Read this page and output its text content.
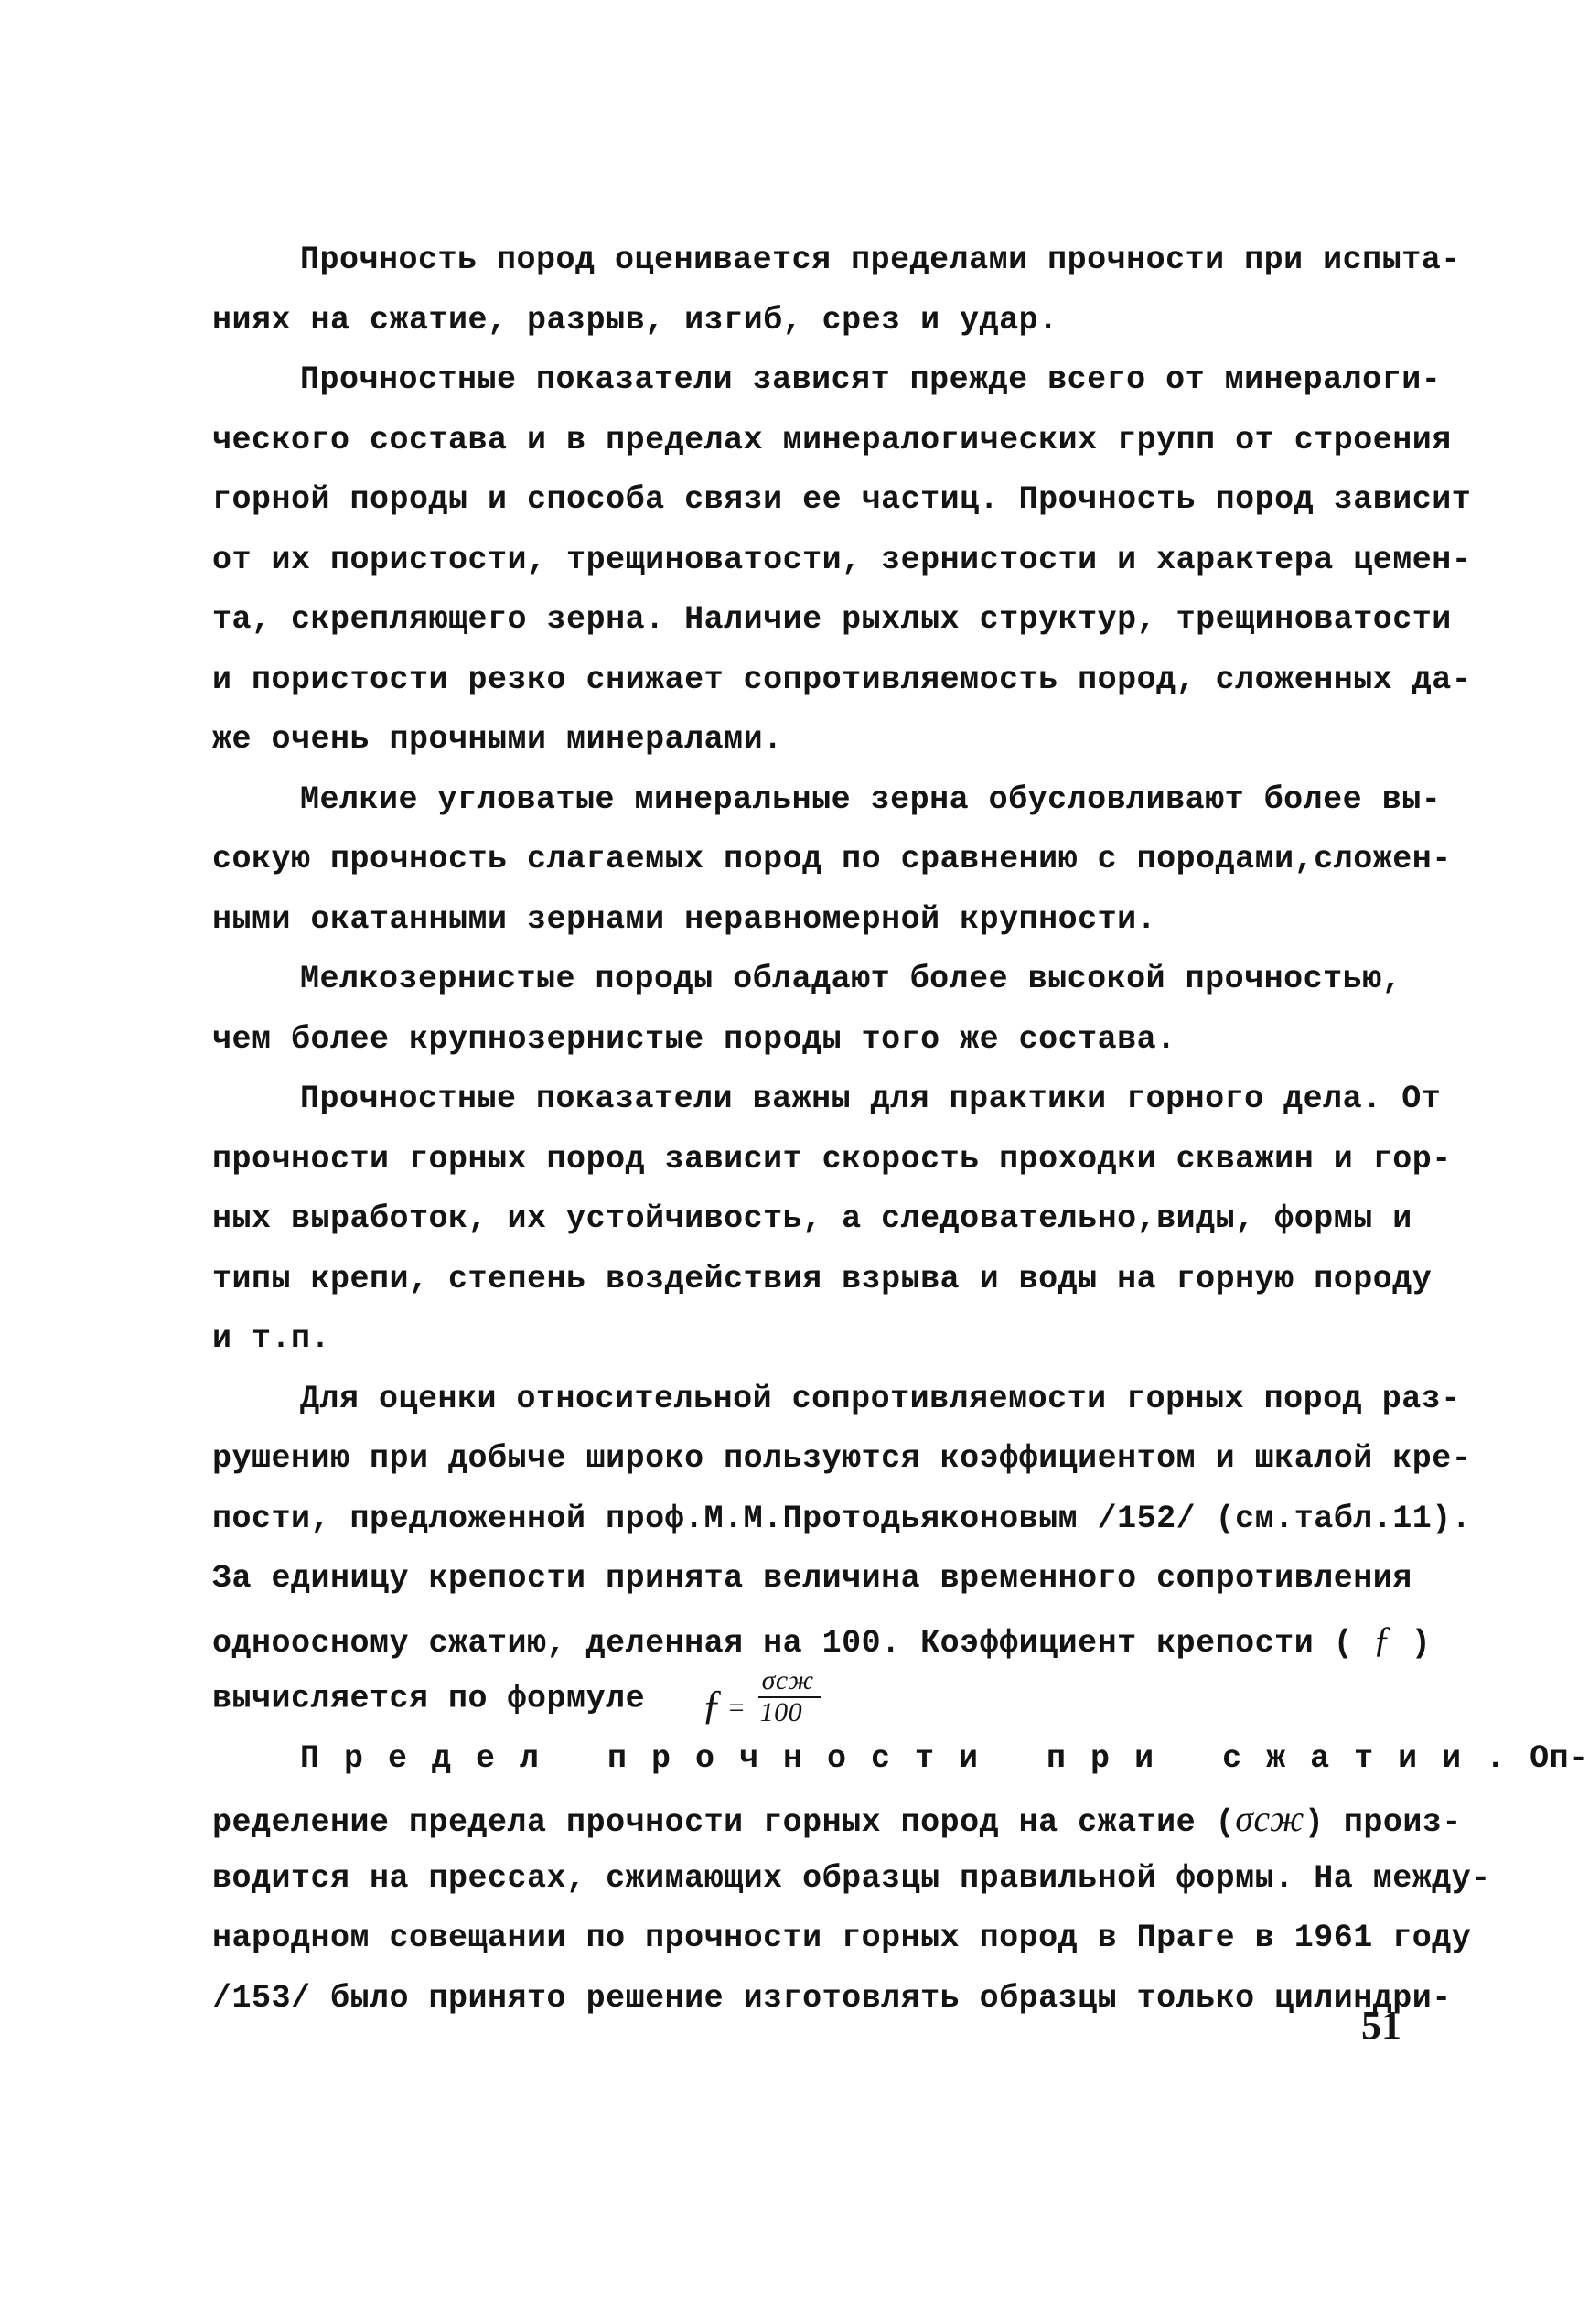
Прочность пород оценивается пределами прочности при испыта-
ниях на сжатие, разрыв, изгиб, срез и удар.
Прочностные показатели зависят прежде всего от минералоги-
ческого состава и в пределах минералогических групп от строения
горной породы и способа связи ее частиц. Прочность пород зависит
от их пористости, трещиноватости, зернистости и характера цемен-
та, скрепляющего зерна. Наличие рыхлых структур, трещиноватости
и пористости резко снижает сопротивляемость пород, сложенных да-
же очень прочными минералами.
Мелкие угловатые минеральные зерна обусловливают более вы-
сокую прочность слагаемых пород по сравнению с породами,сложен-
ными окатанными зернами неравномерной крупности.
Мелкозернистые породы обладают более высокой прочностью,
чем более крупнозернистые породы того же состава.
Прочностные показатели важны для практики горного дела. От
прочности горных пород зависит скорость проходки скважин и гор-
ных выработок, их устойчивость, а следовательно,виды, формы и
типы крепи, степень воздействия взрыва и воды на горную породу
и т.п.
Для оценки относительной сопротивляемости горных пород раз-
рушению при добыче широко пользуются коэффициентом и шкалой кре-
пости, предложенной проф.М.М.Протодьяконовым /152/ (см.табл.11).
За единицу крепости принята величина временного сопротивления
одноосному сжатию, деленная на 100. Коэффициент крепости ( ƒ )
вычисляется по формуле ƒ =
σсж
100
Предел прочности при сжатии.Оп-
ределение предела прочности горных пород на сжатие (σсж) произ-
водится на прессах, сжимающих образцы правильной формы. На между-
народном совещании по прочности горных пород в Праге в 1961 году
/153/ было принято решение изготовлять образцы только цилиндри-
51
